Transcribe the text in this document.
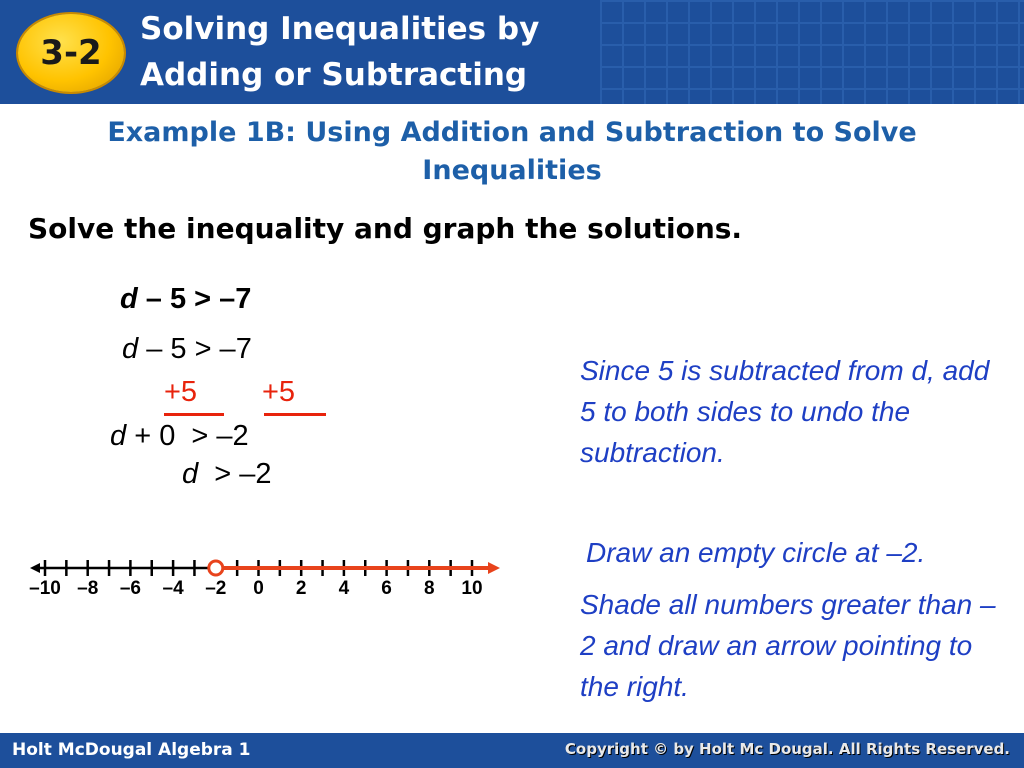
3-2
Solving Inequalities by
Adding or Subtracting
Example 1B: Using Addition and Subtraction to Solve
Inequalities
Solve the inequality and graph the solutions.
d – 5 > –7
d – 5 > –7
+5 +5
d + 0  > –2
d  > –2
Since 5 is subtracted from d, add 5 to both sides to undo the subtraction.
Draw an empty circle at –2.
Shade all numbers greater than –2 and draw an arrow pointing to the right.
–10 –8 –6 –4 –2 0 2 4 6 8 10
Holt McDougal Algebra 1	Copyright © by Holt Mc Dougal. All Rights Reserved.
